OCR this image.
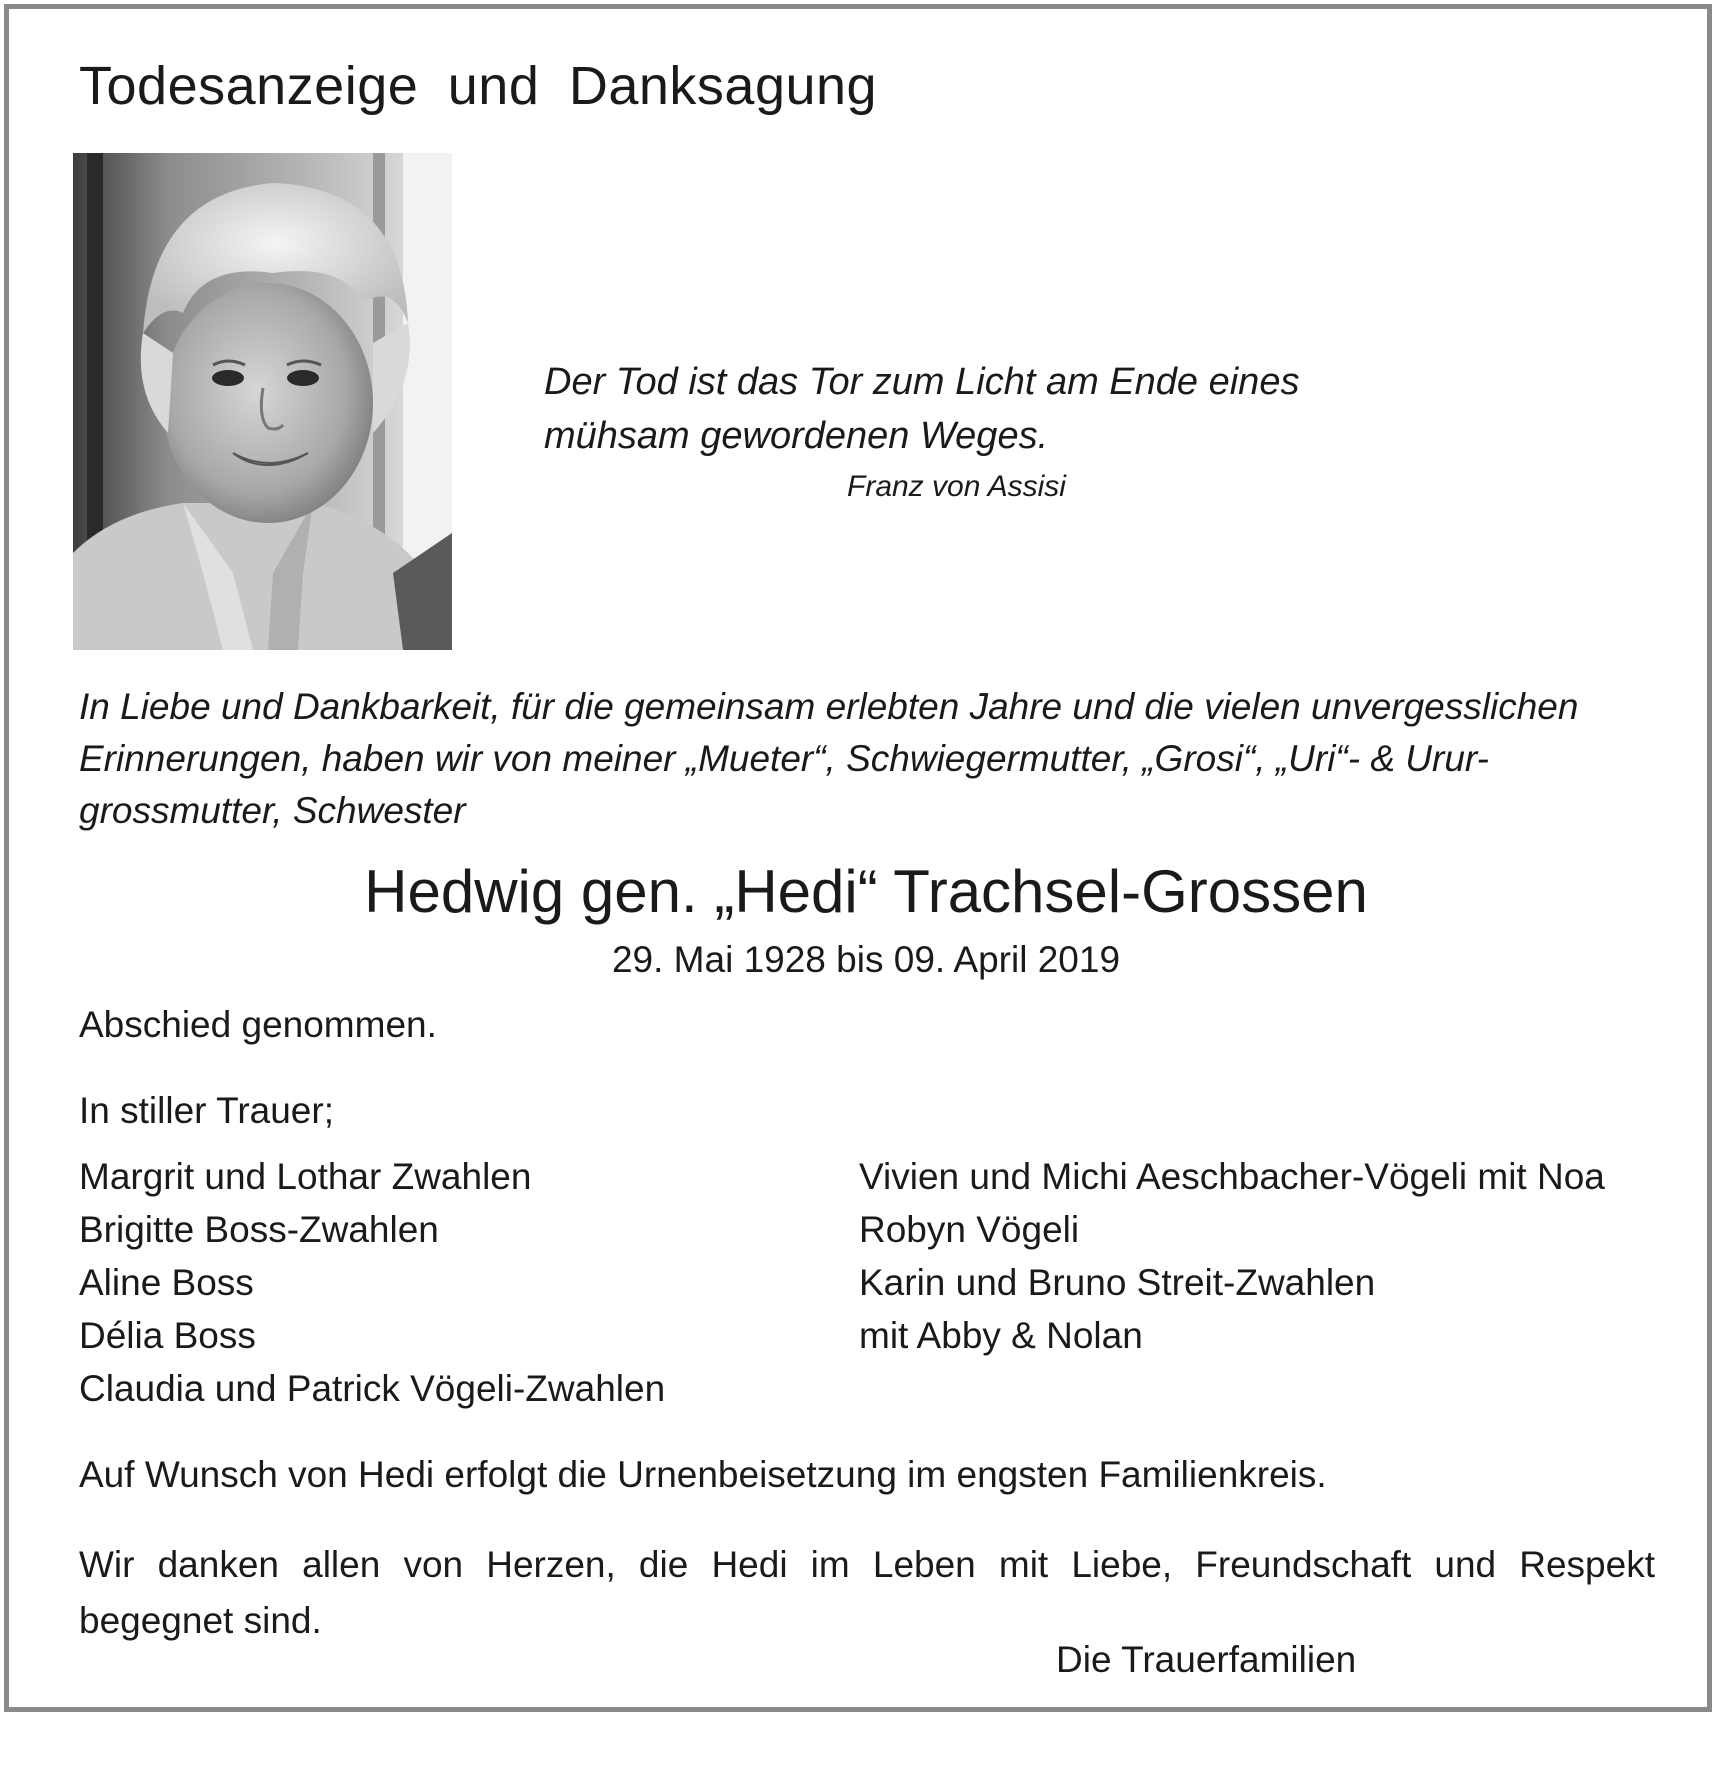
Todesanzeige und Danksagung
Der Tod ist das Tor zum Licht am Ende eines
mühsam gewordenen Weges.
Franz von Assisi
In Liebe und Dankbarkeit, für die gemeinsam erlebten Jahre und die vielen unvergesslichen
Erinnerungen, haben wir von meiner „Mueter“, Schwiegermutter, „Grosi“, „Uri“- & Urur-
grossmutter, Schwester
Hedwig gen. „Hedi“ Trachsel-Grossen
29. Mai 1928 bis 09. April 2019
Abschied genommen.
In stiller Trauer;
Margrit und Lothar Zwahlen
Brigitte Boss-Zwahlen
Aline Boss
Délia Boss
Claudia und Patrick Vögeli-Zwahlen
Vivien und Michi Aeschbacher-Vögeli mit Noa
Robyn Vögeli
Karin und Bruno Streit-Zwahlen
mit Abby & Nolan
Auf Wunsch von Hedi erfolgt die Urnenbeisetzung im engsten Familienkreis.
Wir danken allen von Herzen, die Hedi im Leben mit Liebe, Freundschaft und Respekt
begegnet sind.
Die Trauerfamilien
